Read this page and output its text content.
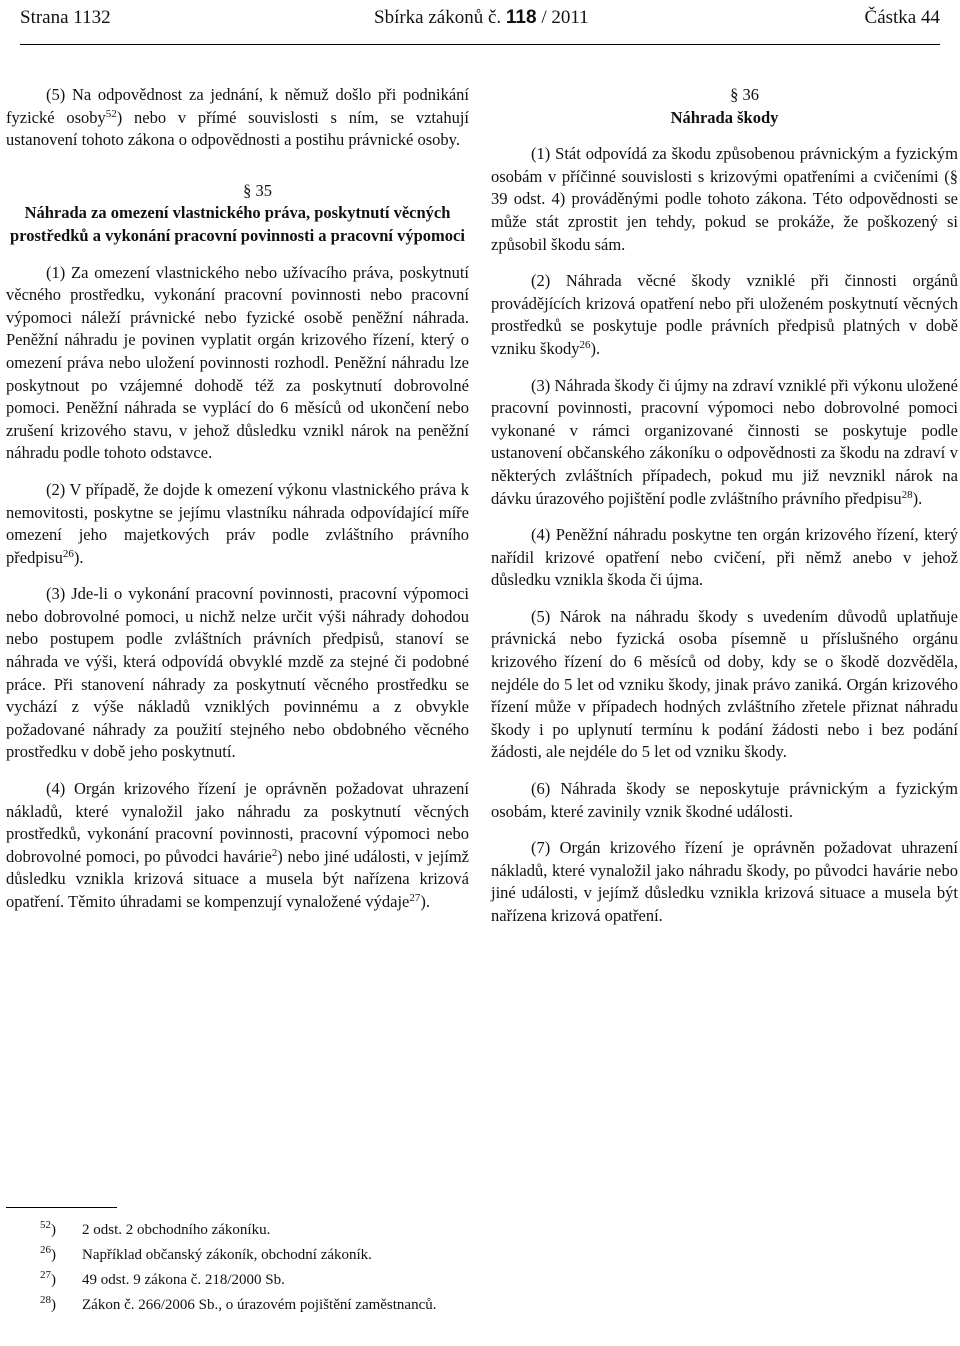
Strana 1132	Sbírka zákonů č. 118 / 2011	Částka 44

(5) Na odpovědnost za jednání, k němuž došlo při podnikání fyzické osoby$^{52}$) nebo v přímé souvislosti s ním, se vztahují ustanovení tohoto zákona o odpovědnosti a postihu právnické osoby.

§ 35

Náhrada za omezení vlastnického práva, poskytnutí věcných prostředků a vykonání pracovní povinnosti a pracovní výpomoci

(1) Za omezení vlastnického nebo užívacího práva, poskytnutí věcného prostředku, vykonání pracovní povinnosti nebo pracovní výpomoci náleží právnické nebo fyzické osobě peněžní náhrada. Peněžní náhradu je povinen vyplatit orgán krizového řízení, který o omezení práva nebo uložení povinnosti rozhodl. Peněžní náhradu lze poskytnout po vzájemné dohodě též za poskytnutí dobrovolné pomoci. Peněžní náhrada se vyplácí do 6 měsíců od ukončení nebo zrušení krizového stavu, v jehož důsledku vznikl nárok na peněžní náhradu podle tohoto odstavce.

(2) V případě, že dojde k omezení výkonu vlastnického práva k nemovitosti, poskytne se jejímu vlastníku náhrada odpovídající míře omezení jeho majetkových práv podle zvláštního právního předpisu$^{26}$).

(3) Jde-li o vykonání pracovní povinnosti, pracovní výpomoci nebo dobrovolné pomoci, u nichž nelze určit výši náhrady dohodou nebo postupem podle zvláštních právních předpisů, stanoví se náhrada ve výši, která odpovídá obvyklé mzdě za stejné či podobné práce. Při stanovení náhrady za poskytnutí věcného prostředku se vychází z výše nákladů vzniklých povinnému a z obvykle požadované náhrady za použití stejného nebo obdobného věcného prostředku v době jeho poskytnutí.

(4) Orgán krizového řízení je oprávněn požadovat uhrazení nákladů, které vynaložil jako náhradu za poskytnutí věcných prostředků, vykonání pracovní povinnosti, pracovní výpomoci nebo dobrovolné pomoci, po původci havárie$^2$) nebo jiné události, v jejímž důsledku vznikla krizová situace a musela být nařízena krizová opatření. Těmito úhradami se kompenzují vynaložené výdaje$^{27}$).

§ 36

Náhrada škody

(1) Stát odpovídá za škodu způsobenou právnickým a fyzickým osobám v příčinné souvislosti s krizovými opatřeními a cvičeními (§ 39 odst. 4) prováděnými podle tohoto zákona. Této odpovědnosti se může stát zprostit jen tehdy, pokud se prokáže, že poškozený si způsobil škodu sám.

(2) Náhrada věcné škody vzniklé při činnosti orgánů provádějících krizová opatření nebo při uloženém poskytnutí věcných prostředků se poskytuje podle právních předpisů platných v době vzniku škody$^{26}$).

(3) Náhrada škody či újmy na zdraví vzniklé při výkonu uložené pracovní povinnosti, pracovní výpomoci nebo dobrovolné pomoci vykonané v rámci organizované činnosti se poskytuje podle ustanovení občanského zákoníku o odpovědnosti za škodu na zdraví v některých zvláštních případech, pokud mu již nevznikl nárok na dávku úrazového pojištění podle zvláštního právního předpisu$^{28}$).

(4) Peněžní náhradu poskytne ten orgán krizového řízení, který nařídil krizové opatření nebo cvičení, při němž anebo v jehož důsledku vznikla škoda či újma.

(5) Nárok na náhradu škody s uvedením důvodů uplatňuje právnická nebo fyzická osoba písemně u příslušného orgánu krizového řízení do 6 měsíců od doby, kdy se o škodě dozvěděla, nejdéle do 5 let od vzniku škody, jinak právo zaniká. Orgán krizového řízení může v případech hodných zvláštního zřetele přiznat náhradu škody i po uplynutí termínu k podání žádosti nebo i bez podání žádosti, ale nejdéle do 5 let od vzniku škody.

(6) Náhrada škody se neposkytuje právnickým a fyzickým osobám, které zavinily vznik škodné události.

(7) Orgán krizového řízení je oprávněn požadovat uhrazení nákladů, které vynaložil jako náhradu škody, po původci havárie nebo jiné události, v jejímž důsledku vznikla krizová situace a musela být nařízena krizová opatření.

$^{52}$) 2 odst. 2 obchodního zákoníku.
$^{26}$) Například občanský zákoník, obchodní zákoník.
$^{27}$) 49 odst. 9 zákona č. 218/2000 Sb.
$^{28}$) Zákon č. 266/2006 Sb., o úrazovém pojištění zaměstnanců.
